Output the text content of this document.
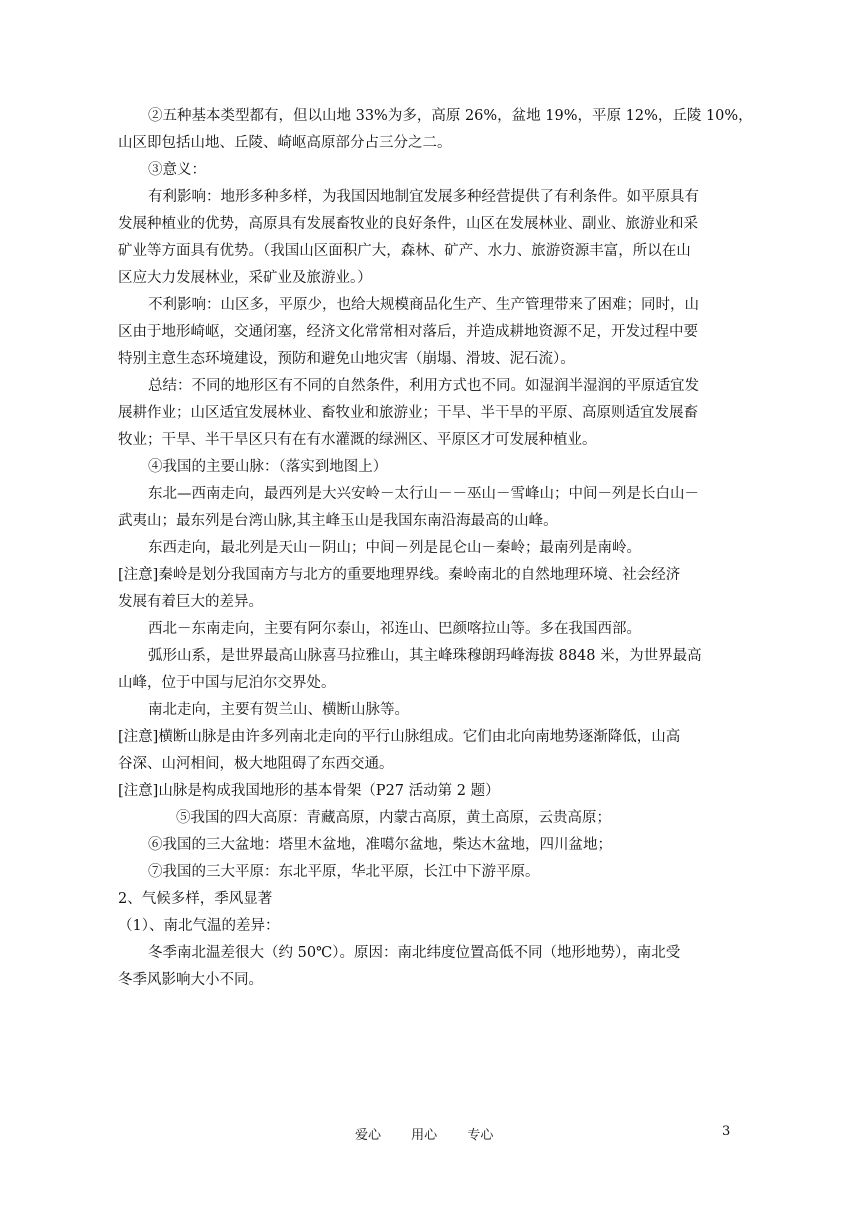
②五种基本类型都有，但以山地 33%为多，高原 26%，盆地 19%，平原 12%，丘陵 10%，
山区即包括山地、丘陵、崎岖高原部分占三分之二。
③意义：
有利影响：地形多种多样，为我国因地制宜发展多种经营提供了有利条件。如平原具有
发展种植业的优势，高原具有发展畜牧业的良好条件，山区在发展林业、副业、旅游业和采
矿业等方面具有优势。（我国山区面积广大，森林、矿产、水力、旅游资源丰富，所以在山
区应大力发展林业，采矿业及旅游业。）
不利影响：山区多，平原少，也给大规模商品化生产、生产管理带来了困难；同时，山
区由于地形崎岖，交通闭塞，经济文化常常相对落后，并造成耕地资源不足，开发过程中要
特别主意生态环境建设，预防和避免山地灾害（崩塌、滑坡、泥石流）。
总结：不同的地形区有不同的自然条件，利用方式也不同。如湿润半湿润的平原适宜发
展耕作业；山区适宜发展林业、畜牧业和旅游业；干旱、半干旱的平原、高原则适宜发展畜
牧业；干旱、半干旱区只有在有水灌溉的绿洲区、平原区才可发展种植业。
④我国的主要山脉：（落实到地图上）
东北—西南走向，最西列是大兴安岭－太行山－－巫山－雪峰山；中间－列是长白山－
武夷山；最东列是台湾山脉,其主峰玉山是我国东南沿海最高的山峰。
东西走向，最北列是天山－阴山；中间－列是昆仑山－秦岭；最南列是南岭。
[注意]秦岭是划分我国南方与北方的重要地理界线。秦岭南北的自然地理环境、社会经济
发展有着巨大的差异。
西北－东南走向，主要有阿尔泰山，祁连山、巴颜喀拉山等。多在我国西部。
弧形山系，是世界最高山脉喜马拉雅山，其主峰珠穆朗玛峰海拔 8848 米，为世界最高
山峰，位于中国与尼泊尔交界处。
南北走向，主要有贺兰山、横断山脉等。
[注意]横断山脉是由许多列南北走向的平行山脉组成。它们由北向南地势逐渐降低，山高
谷深、山河相间，极大地阻碍了东西交通。
[注意]山脉是构成我国地形的基本骨架（P27 活动第 2 题）
⑤我国的四大高原：青藏高原，内蒙古高原，黄土高原，云贵高原；
⑥我国的三大盆地：塔里木盆地，准噶尔盆地，柴达木盆地，四川盆地；
⑦我国的三大平原：东北平原，华北平原，长江中下游平原。
2、气候多样，季风显著
（1）、南北气温的差异：
冬季南北温差很大（约 50℃）。原因：南北纬度位置高低不同（地形地势），南北受
冬季风影响大小不同。
爱心 用心 专心	3
